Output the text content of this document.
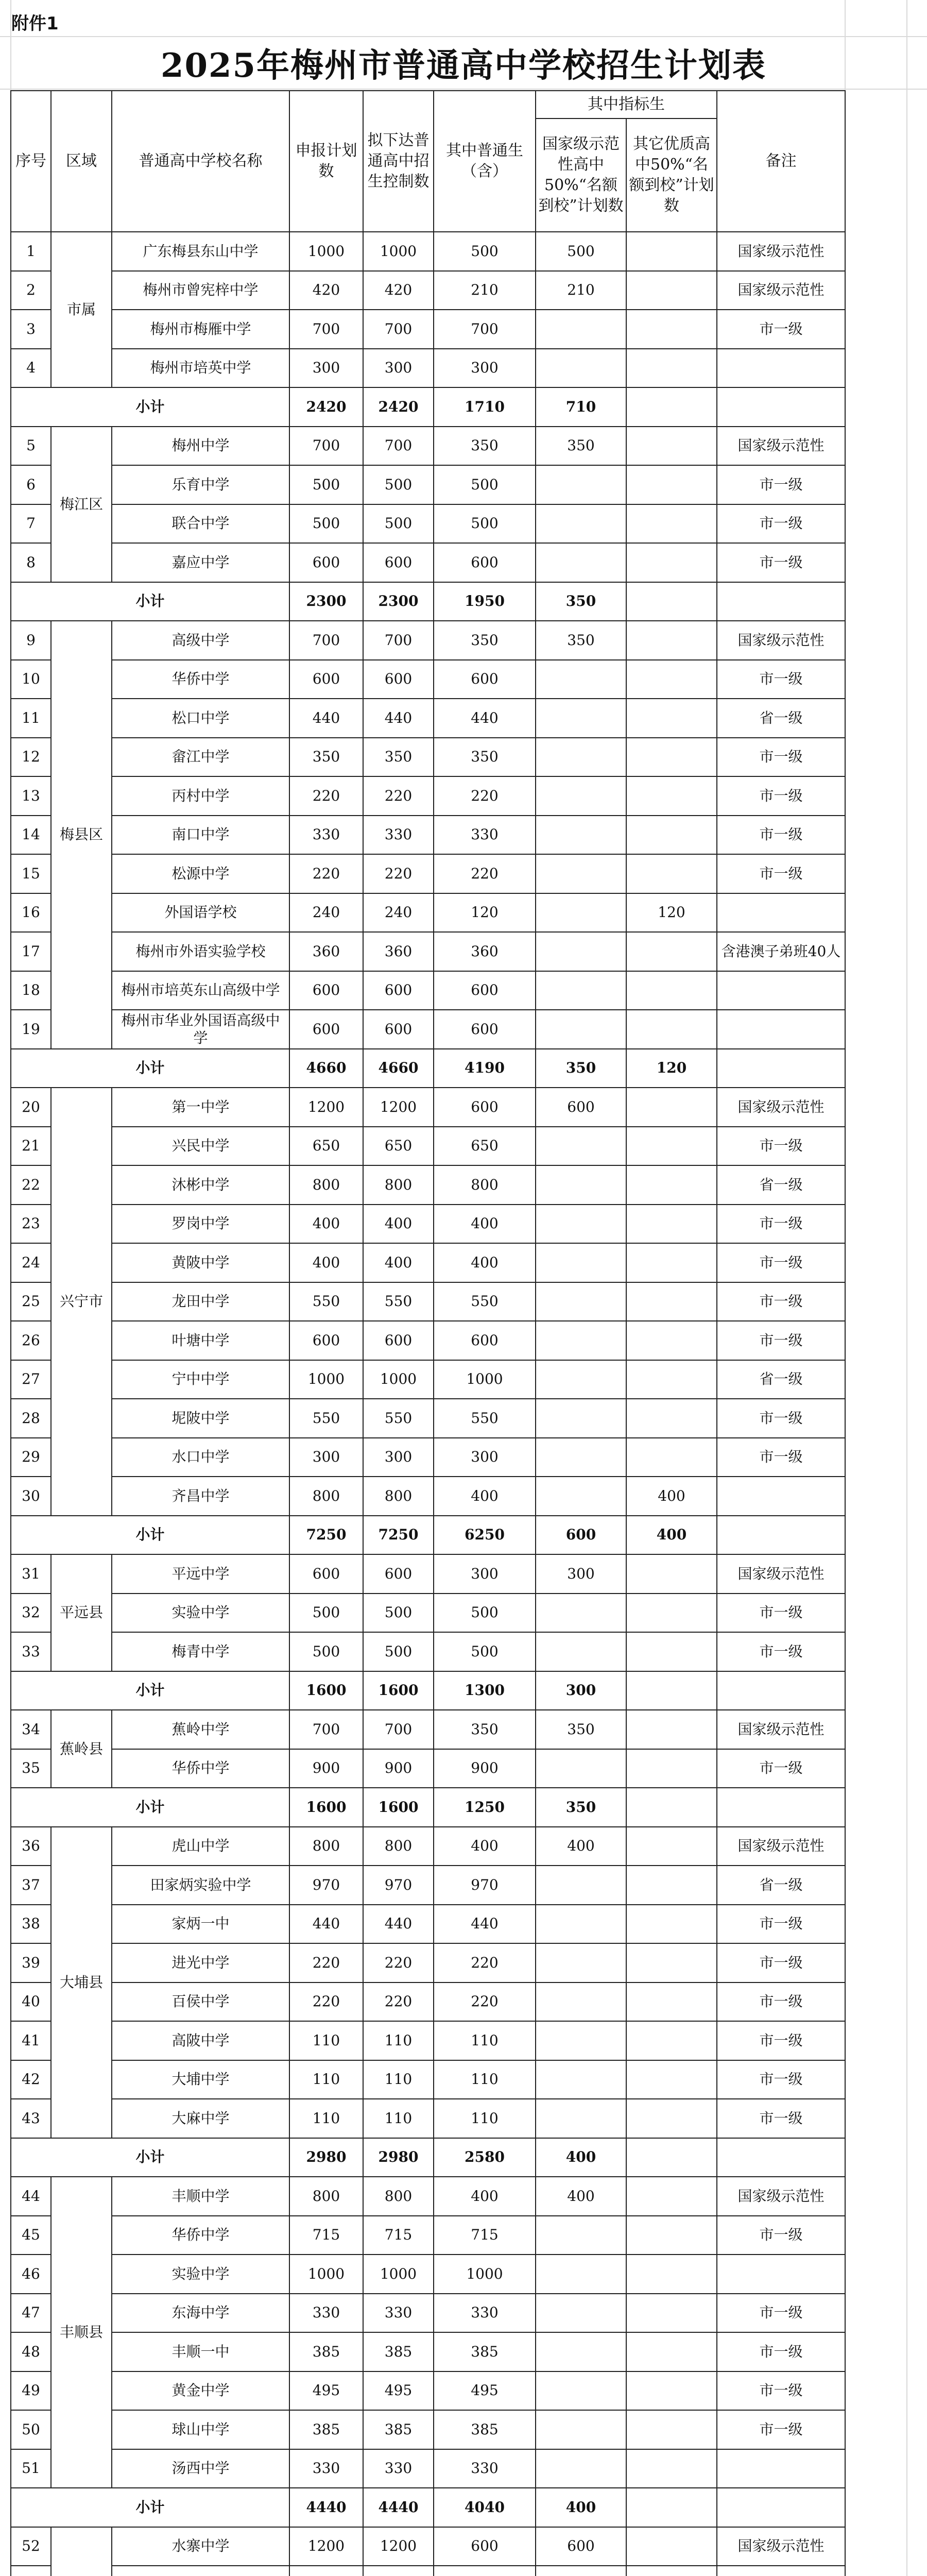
附件1
2025年梅州市普通高中学校招生计划表
序号	区域	普通高中学校名称	申报计划数	拟下达普通高中招生控制数	其中普通生（含）	其中指标生		备注
						国家级示范性高中50%“名额到校”计划数	其它优质高中50%“名额到校”计划数	
1	市属	广东梅县东山中学	1000	1000	500	500		国家级示范性
2		梅州市曾宪梓中学	420	420	210	210		国家级示范性
3		梅州市梅雁中学	700	700	700			市一级
4		梅州市培英中学	300	300	300			
小计			2420	2420	1710	710		
5	梅江区	梅州中学	700	700	350	350		国家级示范性
6		乐育中学	500	500	500			市一级
7		联合中学	500	500	500			市一级
8		嘉应中学	600	600	600			市一级
小计			2300	2300	1950	350		
9	梅县区	高级中学	700	700	350	350		国家级示范性
10		华侨中学	600	600	600			市一级
11		松口中学	440	440	440			省一级
12		畲江中学	350	350	350			市一级
13		丙村中学	220	220	220			市一级
14		南口中学	330	330	330			市一级
15		松源中学	220	220	220			市一级
16		外国语学校	240	240	120		120	
17		梅州市外语实验学校	360	360	360			含港澳子弟班40人
18		梅州市培英东山高级中学	600	600	600			
19		梅州市华业外国语高级中学	600	600	600			
小计			4660	4660	4190	350	120	
20	兴宁市	第一中学	1200	1200	600	600		国家级示范性
21		兴民中学	650	650	650			市一级
22		沐彬中学	800	800	800			省一级
23		罗岗中学	400	400	400			市一级
24		黄陂中学	400	400	400			市一级
25		龙田中学	550	550	550			市一级
26		叶塘中学	600	600	600			市一级
27		宁中中学	1000	1000	1000			省一级
28		坭陂中学	550	550	550			市一级
29		水口中学	300	300	300			市一级
30		齐昌中学	800	800	400		400	
小计			7250	7250	6250	600	400	
31	平远县	平远中学	600	600	300	300		国家级示范性
32		实验中学	500	500	500			市一级
33		梅青中学	500	500	500			市一级
小计			1600	1600	1300	300		
34	蕉岭县	蕉岭中学	700	700	350	350		国家级示范性
35		华侨中学	900	900	900			市一级
小计			1600	1600	1250	350		
36	大埔县	虎山中学	800	800	400	400		国家级示范性
37		田家炳实验中学	970	970	970			省一级
38		家炳一中	440	440	440			市一级
39		进光中学	220	220	220			市一级
40		百侯中学	220	220	220			市一级
41		高陂中学	110	110	110			市一级
42		大埔中学	110	110	110			市一级
43		大麻中学	110	110	110			市一级
小计			2980	2980	2580	400		
44	丰顺县	丰顺中学	800	800	400	400		国家级示范性
45		华侨中学	715	715	715			市一级
46		实验中学	1000	1000	1000			
47		东海中学	330	330	330			市一级
48		丰顺一中	385	385	385			市一级
49		黄金中学	495	495	495			市一级
50		球山中学	385	385	385			市一级
51		汤西中学	330	330	330			
小计			4440	4440	4040	400		
52		水寨中学	1200	1200	600	600		国家级示范性
